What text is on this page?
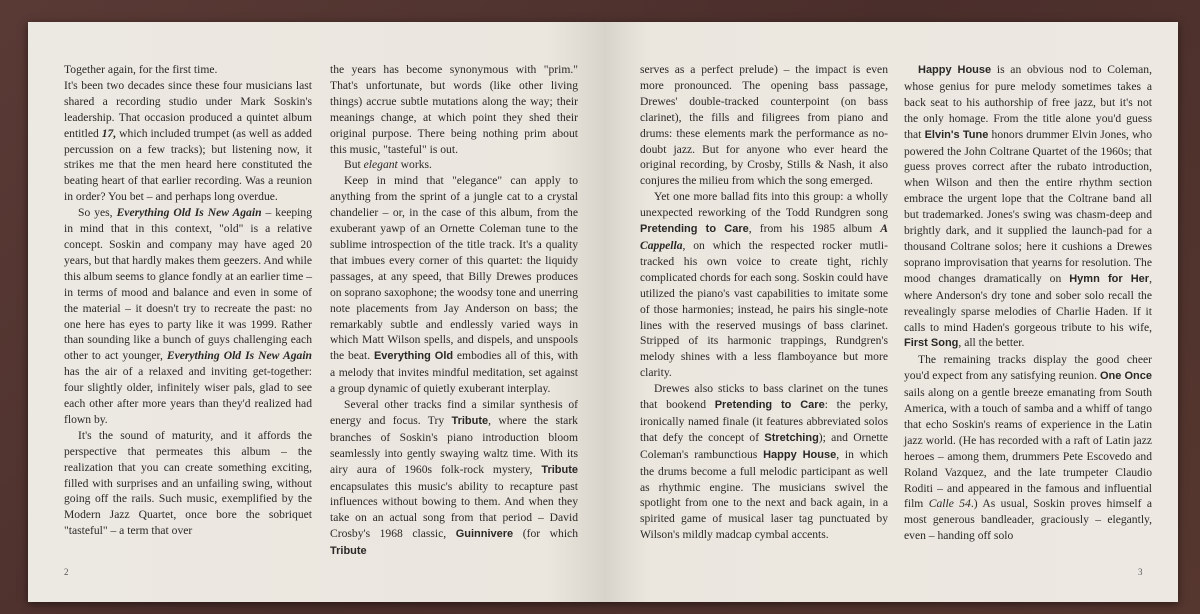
Together again, for the first time.

It's been two decades since these four musicians last shared a recording studio under Mark Soskin's leadership. That occasion produced a quintet album entitled 17, which included trumpet (as well as added percussion on a few tracks); but listening now, it strikes me that the men heard here constituted the beating heart of that earlier recording. Was a reunion in order? You bet – and perhaps long overdue.

So yes, Everything Old Is New Again – keeping in mind that in this context, "old" is a relative concept. Soskin and company may have aged 20 years, but that hardly makes them geezers. And while this album seems to glance fondly at an earlier time – in terms of mood and balance and even in some of the material – it doesn't try to recreate the past: no one here has eyes to party like it was 1999. Rather than sounding like a bunch of guys challenging each other to act younger, Everything Old Is New Again has the air of a relaxed and inviting get-together: four slightly older, infinitely wiser pals, glad to see each other after more years than they'd realized had flown by.

It's the sound of maturity, and it affords the perspective that permeates this album – the realization that you can create something exciting, filled with surprises and an unfailing swing, without going off the rails. Such music, exemplified by the Modern Jazz Quartet, once bore the sobriquet "tasteful" – a term that over

the years has become synonymous with "prim." That's unfortunate, but words (like other living things) accrue subtle mutations along the way; their meanings change, at which point they shed their original purpose. There being nothing prim about this music, "tasteful" is out.

But elegant works.

Keep in mind that "elegance" can apply to anything from the sprint of a jungle cat to a crystal chandelier – or, in the case of this album, from the exuberant yawp of an Ornette Coleman tune to the sublime introspection of the title track. It's a quality that imbues every corner of this quartet: the liquidy passages, at any speed, that Billy Drewes produces on soprano saxophone; the woodsy tone and unerring note placements from Jay Anderson on bass; the remarkably subtle and endlessly varied ways in which Matt Wilson spells, and dispels, and unspools the beat. Everything Old embodies all of this, with a melody that invites mindful meditation, set against a group dynamic of quietly exuberant interplay.

Several other tracks find a similar synthesis of energy and focus. Try Tribute, where the stark branches of Soskin's piano introduction bloom seamlessly into gently swaying waltz time. With its airy aura of 1960s folk-rock mystery, Tribute encapsulates this music's ability to recapture past influences without bowing to them. And when they take on an actual song from that period – David Crosby's 1968 classic, Guinnivere (for which Tribute

2

serves as a perfect prelude) – the impact is even more pronounced. The opening bass passage, Drewes' double-tracked counterpoint (on bass clarinet), the fills and filigrees from piano and drums: these elements mark the performance as no-doubt jazz. But for anyone who ever heard the original recording, by Crosby, Stills & Nash, it also conjures the milieu from which the song emerged.

Yet one more ballad fits into this group: a wholly unexpected reworking of the Todd Rundgren song Pretending to Care, from his 1985 album A Cappella, on which the respected rocker mutli-tracked his own voice to create tight, richly complicated chords for each song. Soskin could have utilized the piano's vast capabilities to imitate some of those harmonies; instead, he pairs his single-note lines with the reserved musings of bass clarinet. Stripped of its harmonic trappings, Rundgren's melody shines with a less flamboyance but more clarity.

Drewes also sticks to bass clarinet on the tunes that bookend Pretending to Care: the perky, ironically named finale (it features abbreviated solos that defy the concept of Stretching); and Ornette Coleman's rambunctious Happy House, in which the drums become a full melodic participant as well as rhythmic engine. The musicians swivel the spotlight from one to the next and back again, in a spirited game of musical laser tag punctuated by Wilson's mildly madcap cymbal accents.

Happy House is an obvious nod to Coleman, whose genius for pure melody sometimes takes a back seat to his authorship of free jazz, but it's not the only homage. From the title alone you'd guess that Elvin's Tune honors drummer Elvin Jones, who powered the John Coltrane Quartet of the 1960s; that guess proves correct after the rubato introduction, when Wilson and then the entire rhythm section embrace the urgent lope that the Coltrane band all but trademarked. Jones's swing was chasm-deep and brightly dark, and it supplied the launch-pad for a thousand Coltrane solos; here it cushions a Drewes soprano improvisation that yearns for resolution. The mood changes dramatically on Hymn for Her, where Anderson's dry tone and sober solo recall the revealingly sparse melodies of Charlie Haden. If it calls to mind Haden's gorgeous tribute to his wife, First Song, all the better.

The remaining tracks display the good cheer you'd expect from any satisfying reunion. One Once sails along on a gentle breeze emanating from South America, with a touch of samba and a whiff of tango that echo Soskin's reams of experience in the Latin jazz world. (He has recorded with a raft of Latin jazz heroes – among them, drummers Pete Escovedo and Roland Vazquez, and the late trumpeter Claudio Roditi – and appeared in the famous and influential film Calle 54.) As usual, Soskin proves himself a most generous bandleader, graciously – elegantly, even – handing off solo

3
